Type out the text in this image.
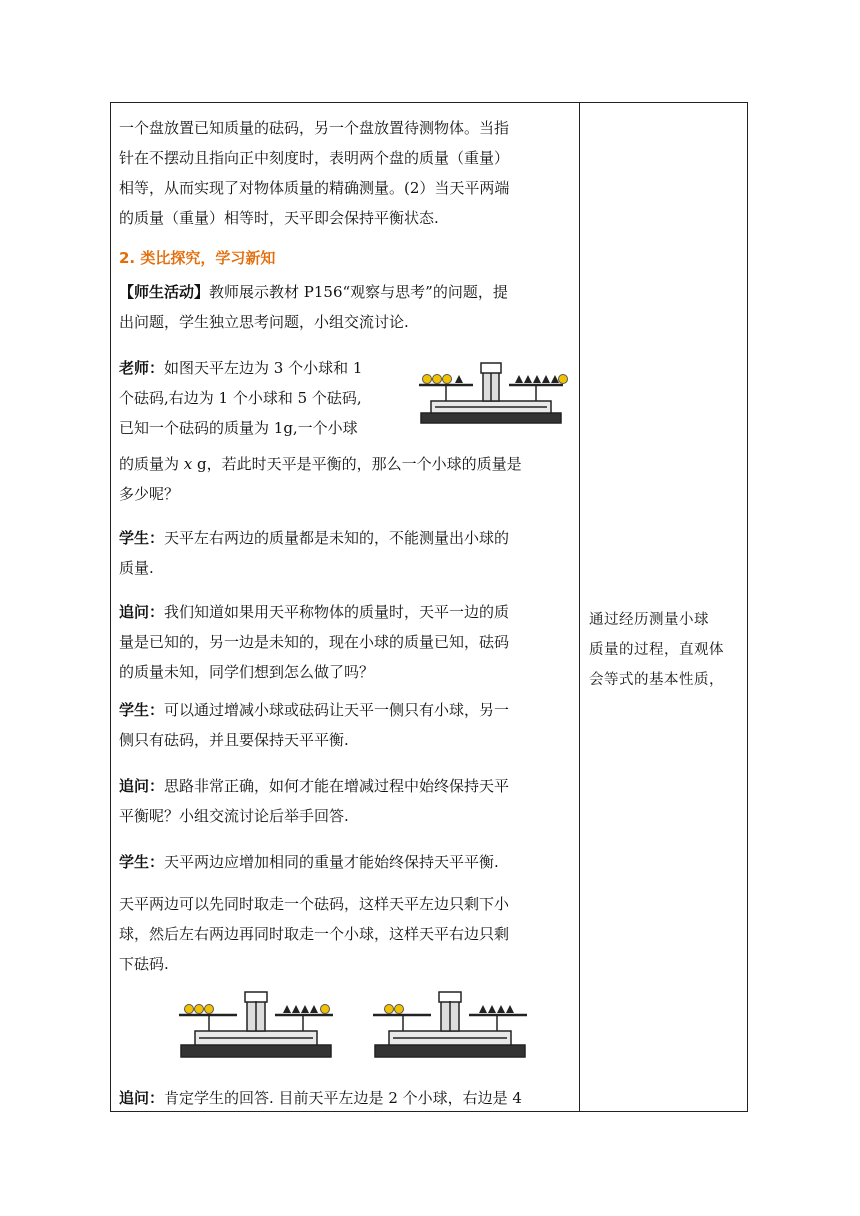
一个盘放置已知质量的砝码，另一个盘放置待测物体。当指
针在不摆动且指向正中刻度时，表明两个盘的质量（重量）
相等，从而实现了对物体质量的精确测量。(2）当天平两端
的质量（重量）相等时，天平即会保持平衡状态.
2. 类比探究，学习新知
【师生活动】教师展示教材 P156“观察与思考”的问题，提
出问题，学生独立思考问题，小组交流讨论.
老师：如图天平左边为 3 个小球和 1
个砝码,右边为 1 个小球和 5 个砝码,
已知一个砝码的质量为 1g,一个小球
的质量为 x g，若此时天平是平衡的，那么一个小球的质量是
多少呢？
学生：天平左右两边的质量都是未知的，不能测量出小球的
质量.
追问：我们知道如果用天平称物体的质量时，天平一边的质
量是已知的，另一边是未知的，现在小球的质量已知，砝码
的质量未知，同学们想到怎么做了吗？
学生：可以通过增减小球或砝码让天平一侧只有小球，另一
侧只有砝码，并且要保持天平平衡.
追问：思路非常正确，如何才能在增减过程中始终保持天平
平衡呢？小组交流讨论后举手回答.
学生：天平两边应增加相同的重量才能始终保持天平平衡.
天平两边可以先同时取走一个砝码，这样天平左边只剩下小
球，然后左右两边再同时取走一个小球，这样天平右边只剩
下砝码.
追问：肯定学生的回答. 目前天平左边是 2 个小球，右边是 4
通过经历测量小球
质量的过程，直观体
会等式的基本性质，
